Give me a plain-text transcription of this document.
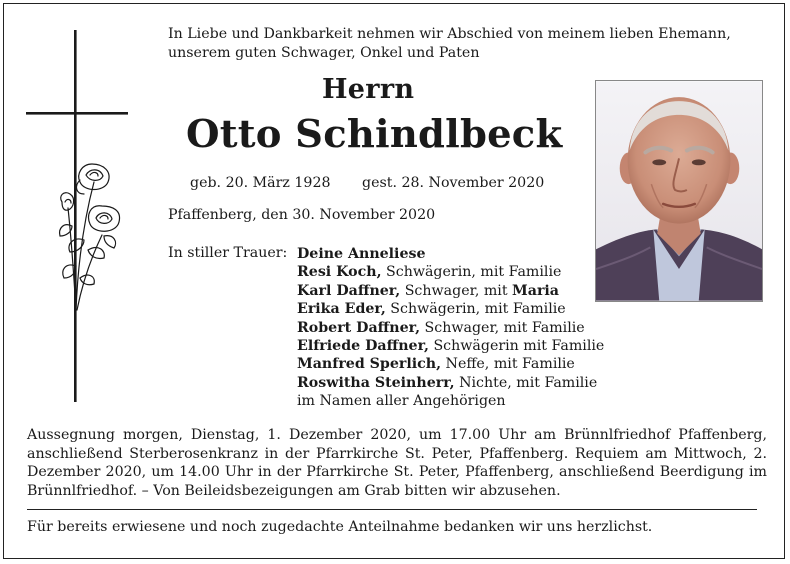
In Liebe und Dankbarkeit nehmen wir Abschied von meinem lieben Ehemann, unserem guten Schwager, Onkel und Paten
Herrn
Otto Schindlbeck
geb. 20. März 1928 gest. 28. November 2020
Pfaffenberg, den 30. November 2020
In stiller Trauer: Deine Anneliese
Resi Koch, Schwägerin, mit Familie
Karl Daffner, Schwager, mit Maria
Erika Eder, Schwägerin, mit Familie
Robert Daffner, Schwager, mit Familie
Elfriede Daffner, Schwägerin mit Familie
Manfred Sperlich, Neffe, mit Familie
Roswitha Steinherr, Nichte, mit Familie
im Namen aller Angehörigen

Aussegnung morgen, Dienstag, 1. Dezember 2020, um 17.00 Uhr am Brünnlfriedhof Pfaffenberg, anschließend Sterberosenkranz in der Pfarrkirche St. Peter, Pfaffenberg. Requiem am Mittwoch, 2. Dezember 2020, um 14.00 Uhr in der Pfarrkirche St. Peter, Pfaffenberg, anschließend Beerdigung im Brünnlfriedhof. – Von Beileidsbezeigungen am Grab bitten wir abzusehen.

Für bereits erwiesene und noch zugedachte Anteilnahme bedanken wir uns herzlichst.
